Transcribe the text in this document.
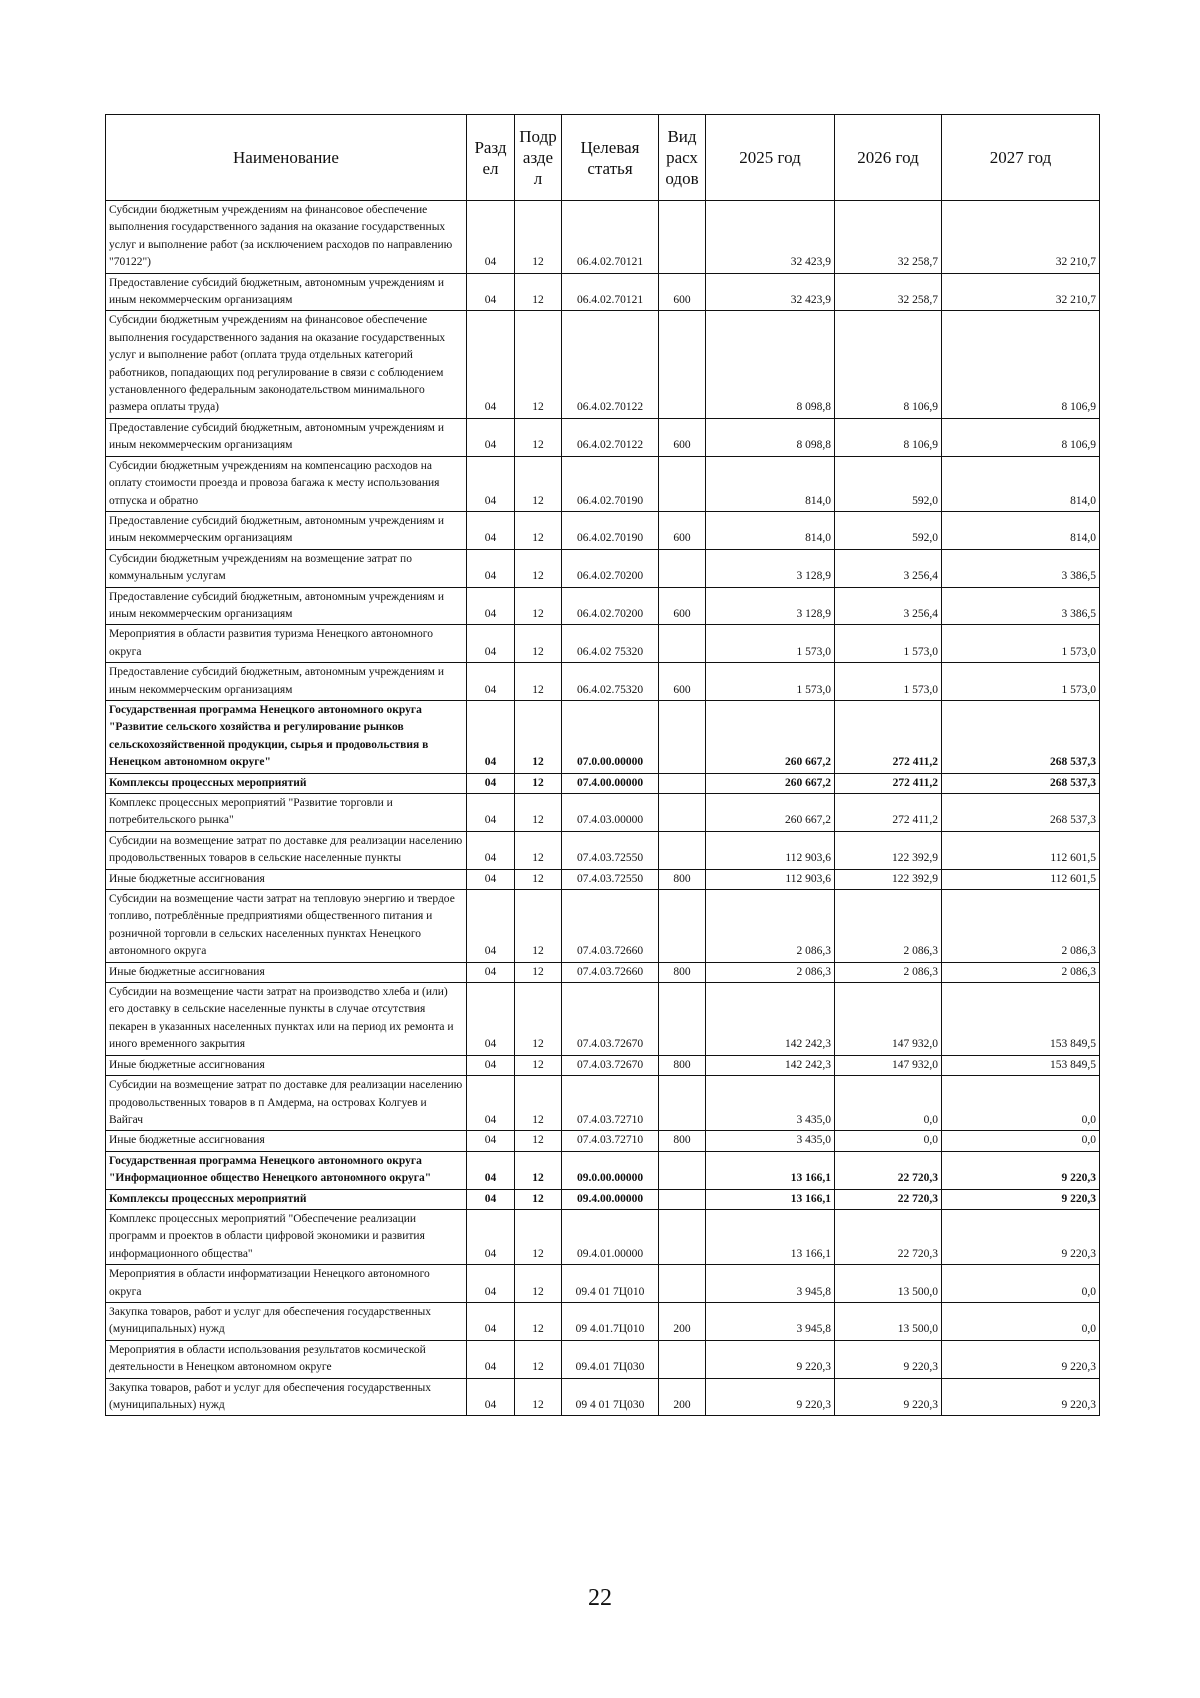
Наименование	Разд ел	Подр азде л	Целевая статья	Вид расх одов	2025 год	2026 год	2027 год
Субсидии бюджетным учреждениям на финансовое обеспечение выполнения государственного задания на оказание государственных услуг и выполнение работ (за исключением расходов по направлению "70122")	04	12	06.4.02.70121		32 423,9	32 258,7	32 210,7
Предоставление субсидий бюджетным, автономным учреждениям и иным некоммерческим организациям	04	12	06.4.02.70121	600	32 423,9	32 258,7	32 210,7
Субсидии бюджетным учреждениям на финансовое обеспечение выполнения государственного задания на оказание государственных услуг и выполнение работ (оплата труда отдельных категорий работников, попадающих под регулирование в связи с соблюдением установленного федеральным законодательством минимального размера оплаты труда)	04	12	06.4.02.70122		8 098,8	8 106,9	8 106,9
Предоставление субсидий бюджетным, автономным учреждениям и иным некоммерческим организациям	04	12	06.4.02.70122	600	8 098,8	8 106,9	8 106,9
Субсидии бюджетным учреждениям на компенсацию расходов на оплату стоимости проезда и провоза багажа к месту использования отпуска и обратно	04	12	06.4.02.70190		814,0	592,0	814,0
Предоставление субсидий бюджетным, автономным учреждениям и иным некоммерческим организациям	04	12	06.4.02.70190	600	814,0	592,0	814,0
Субсидии бюджетным учреждениям на возмещение затрат по коммунальным услугам	04	12	06.4.02.70200		3 128,9	3 256,4	3 386,5
Предоставление субсидий бюджетным, автономным учреждениям и иным некоммерческим организациям	04	12	06.4.02.70200	600	3 128,9	3 256,4	3 386,5
Мероприятия в области развития туризма Ненецкого автономного округа	04	12	06.4.02 75320		1 573,0	1 573,0	1 573,0
Предоставление субсидий бюджетным, автономным учреждениям и иным некоммерческим организациям	04	12	06.4.02.75320	600	1 573,0	1 573,0	1 573,0
Государственная программа Ненецкого автономного округа "Развитие сельского хозяйства и регулирование рынков сельскохозяйственной продукции, сырья и продовольствия в Ненецком автономном округе"	04	12	07.0.00.00000		260 667,2	272 411,2	268 537,3
Комплексы процессных мероприятий	04	12	07.4.00.00000		260 667,2	272 411,2	268 537,3
Комплекс процессных мероприятий "Развитие торговли и потребительского рынка"	04	12	07.4.03.00000		260 667,2	272 411,2	268 537,3
Субсидии на возмещение затрат по доставке для реализации населению продовольственных товаров в сельские населенные пункты	04	12	07.4.03.72550		112 903,6	122 392,9	112 601,5
Иные бюджетные ассигнования	04	12	07.4.03.72550	800	112 903,6	122 392,9	112 601,5
Субсидии на возмещение части затрат на тепловую энергию и твердое топливо, потреблённые предприятиями общественного питания и розничной торговли в сельских населенных пунктах Ненецкого автономного округа	04	12	07.4.03.72660		2 086,3	2 086,3	2 086,3
Иные бюджетные ассигнования	04	12	07.4.03.72660	800	2 086,3	2 086,3	2 086,3
Субсидии на возмещение части затрат на производство хлеба и (или) его доставку в сельские населенные пункты в случае отсутствия пекарен в указанных населенных пунктах или на период их ремонта и иного временного закрытия	04	12	07.4.03.72670		142 242,3	147 932,0	153 849,5
Иные бюджетные ассигнования	04	12	07.4.03.72670	800	142 242,3	147 932,0	153 849,5
Субсидии на возмещение затрат по доставке для реализации населению продовольственных товаров в п Амдерма, на островах Колгуев и Вайгач	04	12	07.4.03.72710		3 435,0	0,0	0,0
Иные бюджетные ассигнования	04	12	07.4.03.72710	800	3 435,0	0,0	0,0
Государственная программа Ненецкого автономного округа "Информационное общество Ненецкого автономного округа"	04	12	09.0.00.00000		13 166,1	22 720,3	9 220,3
Комплексы процессных мероприятий	04	12	09.4.00.00000		13 166,1	22 720,3	9 220,3
Комплекс процессных мероприятий "Обеспечение реализации программ и проектов в области цифровой экономики и развития информационного общества"	04	12	09.4.01.00000		13 166,1	22 720,3	9 220,3
Мероприятия в области информатизации Ненецкого автономного округа	04	12	09.4 01 7Ц010		3 945,8	13 500,0	0,0
Закупка товаров, работ и услуг для обеспечения государственных (муниципальных) нужд	04	12	09 4.01.7Ц010	200	3 945,8	13 500,0	0,0
Мероприятия в области использования результатов космической деятельности в Ненецком автономном округе	04	12	09.4.01 7Ц030		9 220,3	9 220,3	9 220,3
Закупка товаров, работ и услуг для обеспечения государственных (муниципальных) нужд	04	12	09 4 01 7Ц030	200	9 220,3	9 220,3	9 220,3
22
